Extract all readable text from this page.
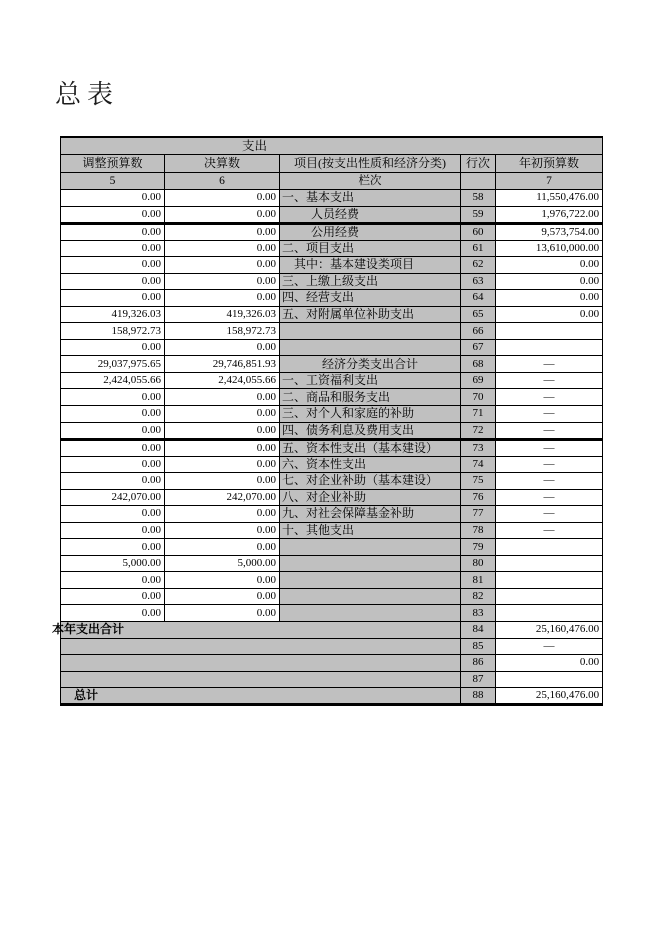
总表
支出				
调整预算数	决算数	项目(按支出性质和经济分类)	行次	年初预算数
5	6	栏次		7
0.00	0.00	一、基本支出	58	11,550,476.00
0.00	0.00	人员经费	59	1,976,722.00
0.00	0.00	公用经费	60	9,573,754.00
0.00	0.00	二、项目支出	61	13,610,000.00
0.00	0.00	其中：基本建设类项目	62	0.00
0.00	0.00	三、上缴上级支出	63	0.00
0.00	0.00	四、经营支出	64	0.00
419,326.03	419,326.03	五、对附属单位补助支出	65	0.00
158,972.73	158,972.73		66	
0.00	0.00		67	
29,037,975.65	29,746,851.93	经济分类支出合计	68	—
2,424,055.66	2,424,055.66	一、工资福利支出	69	—
0.00	0.00	二、商品和服务支出	70	—
0.00	0.00	三、对个人和家庭的补助	71	—
0.00	0.00	四、债务利息及费用支出	72	—
0.00	0.00	五、资本性支出（基本建设）	73	—
0.00	0.00	六、资本性支出	74	—
0.00	0.00	七、对企业补助（基本建设）	75	—
242,070.00	242,070.00	八、对企业补助	76	—
0.00	0.00	九、对社会保障基金补助	77	—
0.00	0.00	十、其他支出	78	—
0.00	0.00		79	
5,000.00	5,000.00		80	
0.00	0.00		81	
0.00	0.00		82	
0.00	0.00		83	
本年支出合计			84	25,160,476.00
			85	—
			86	0.00
			87	
总计			88	25,160,476.00
